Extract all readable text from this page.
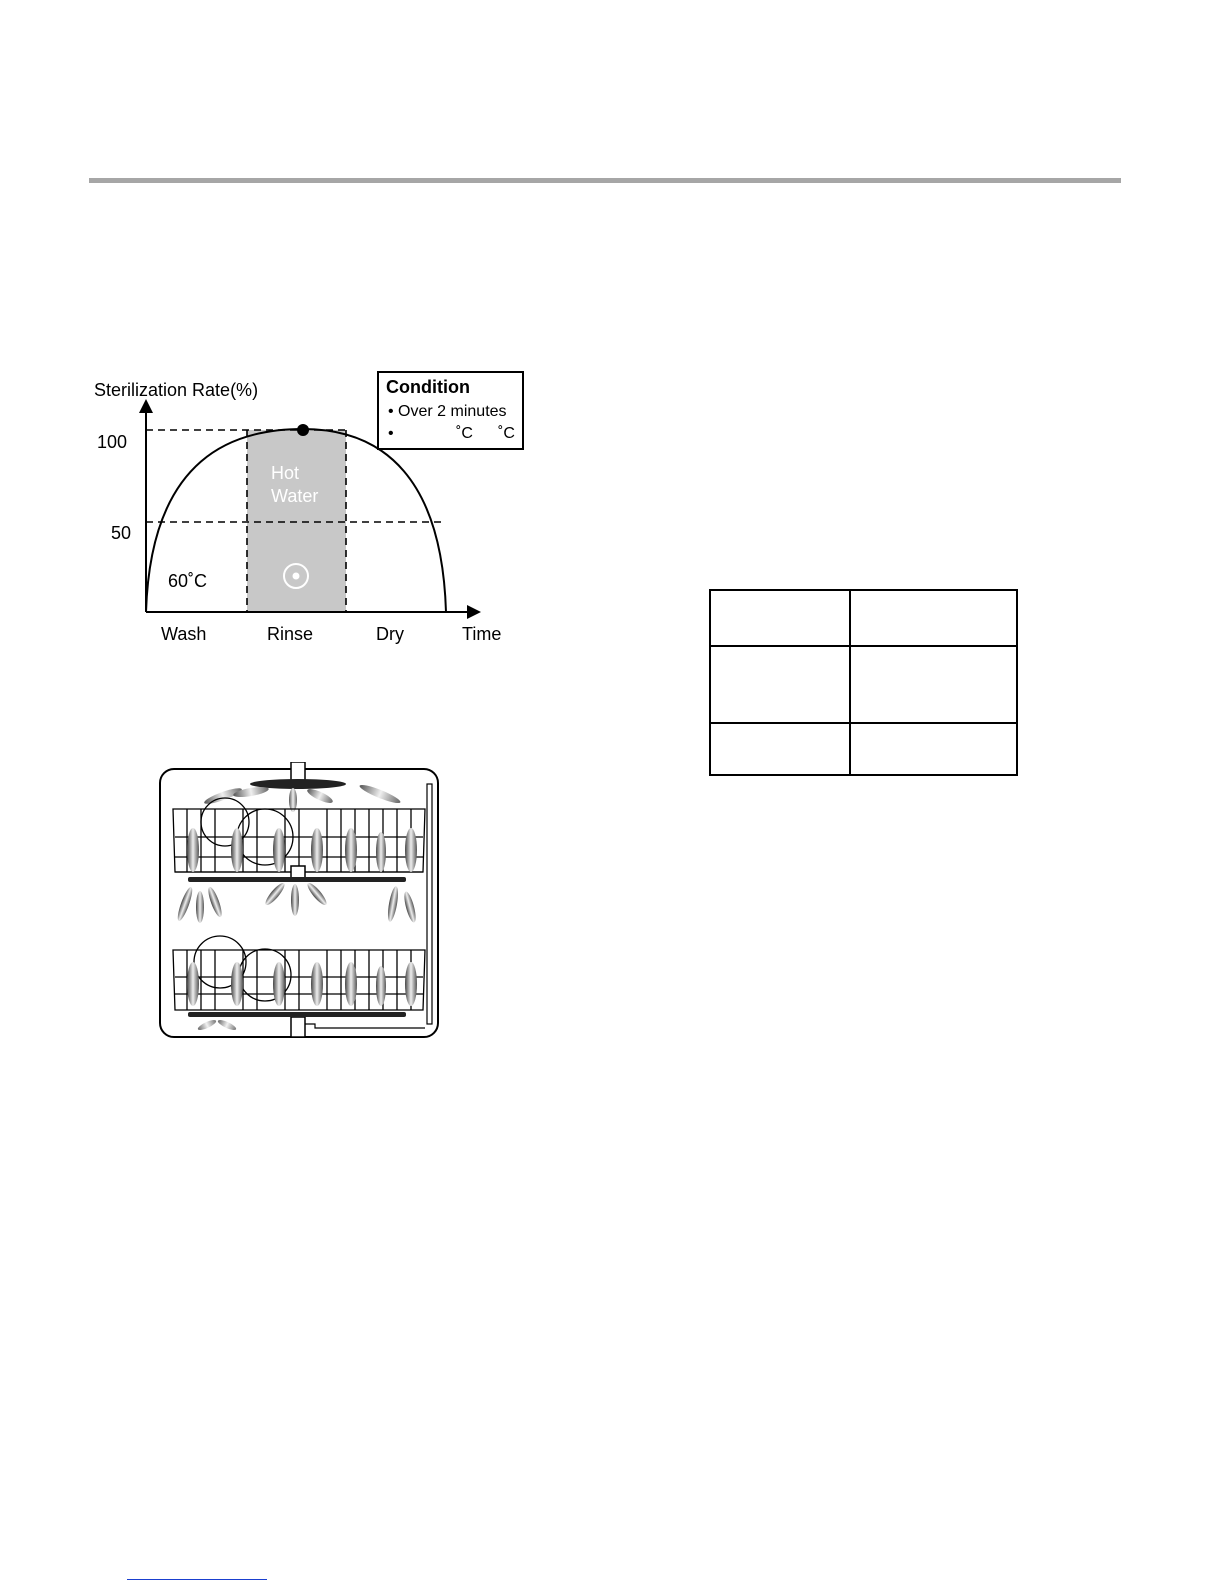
Sterilization Rate(%)
100
50
Hot
Water
60˚C
Wash	Rinse	Dry	Time
Condition
• Over 2 minutes
•	˚C ˚C
